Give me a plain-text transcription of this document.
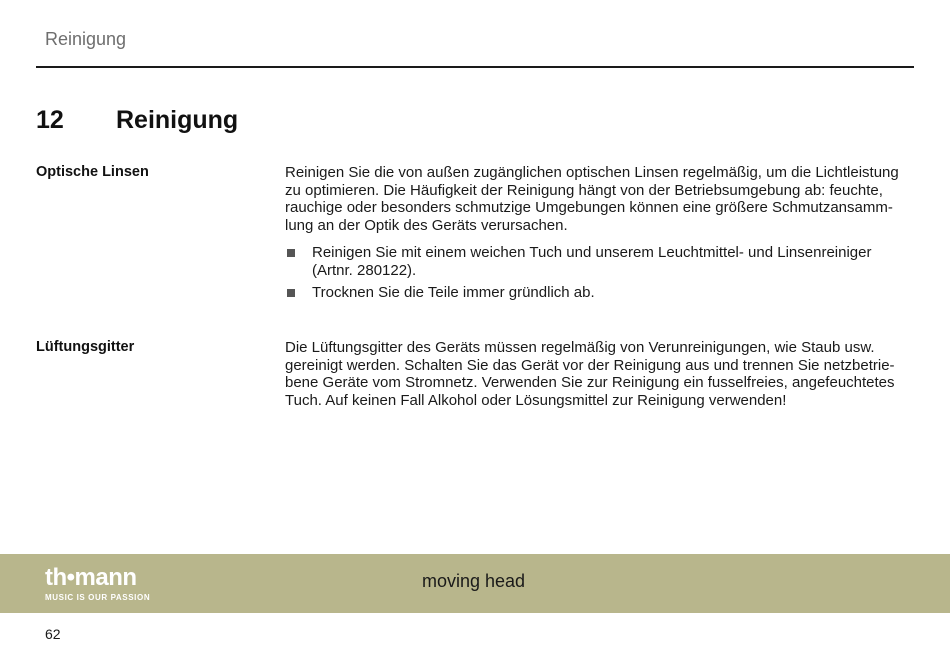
Reinigung
12 Reinigung
Optische Linsen	Reinigen Sie die von außen zugänglichen optischen Linsen regelmäßig, um die Lichtleistung zu optimieren. Die Häufigkeit der Reinigung hängt von der Betriebsumgebung ab: feuchte, rauchige oder besonders schmutzige Umgebungen können eine größere Schmutzansamm-lung an der Optik des Geräts verursachen.

Reinigen Sie mit einem weichen Tuch und unserem Leuchtmittel- und Linsenreiniger (Artnr. 280122).
Trocknen Sie die Teile immer gründlich ab.
Lüftungsgitter	Die Lüftungsgitter des Geräts müssen regelmäßig von Verunreinigungen, wie Staub usw. gereinigt werden. Schalten Sie das Gerät vor der Reinigung aus und trennen Sie netzbetrie-bene Geräte vom Stromnetz. Verwenden Sie zur Reinigung ein fusselfreies, angefeuchtetes Tuch. Auf keinen Fall Alkohol oder Lösungsmittel zur Reinigung verwenden!

th•mann
MUSIC IS OUR PASSION
moving head
62
